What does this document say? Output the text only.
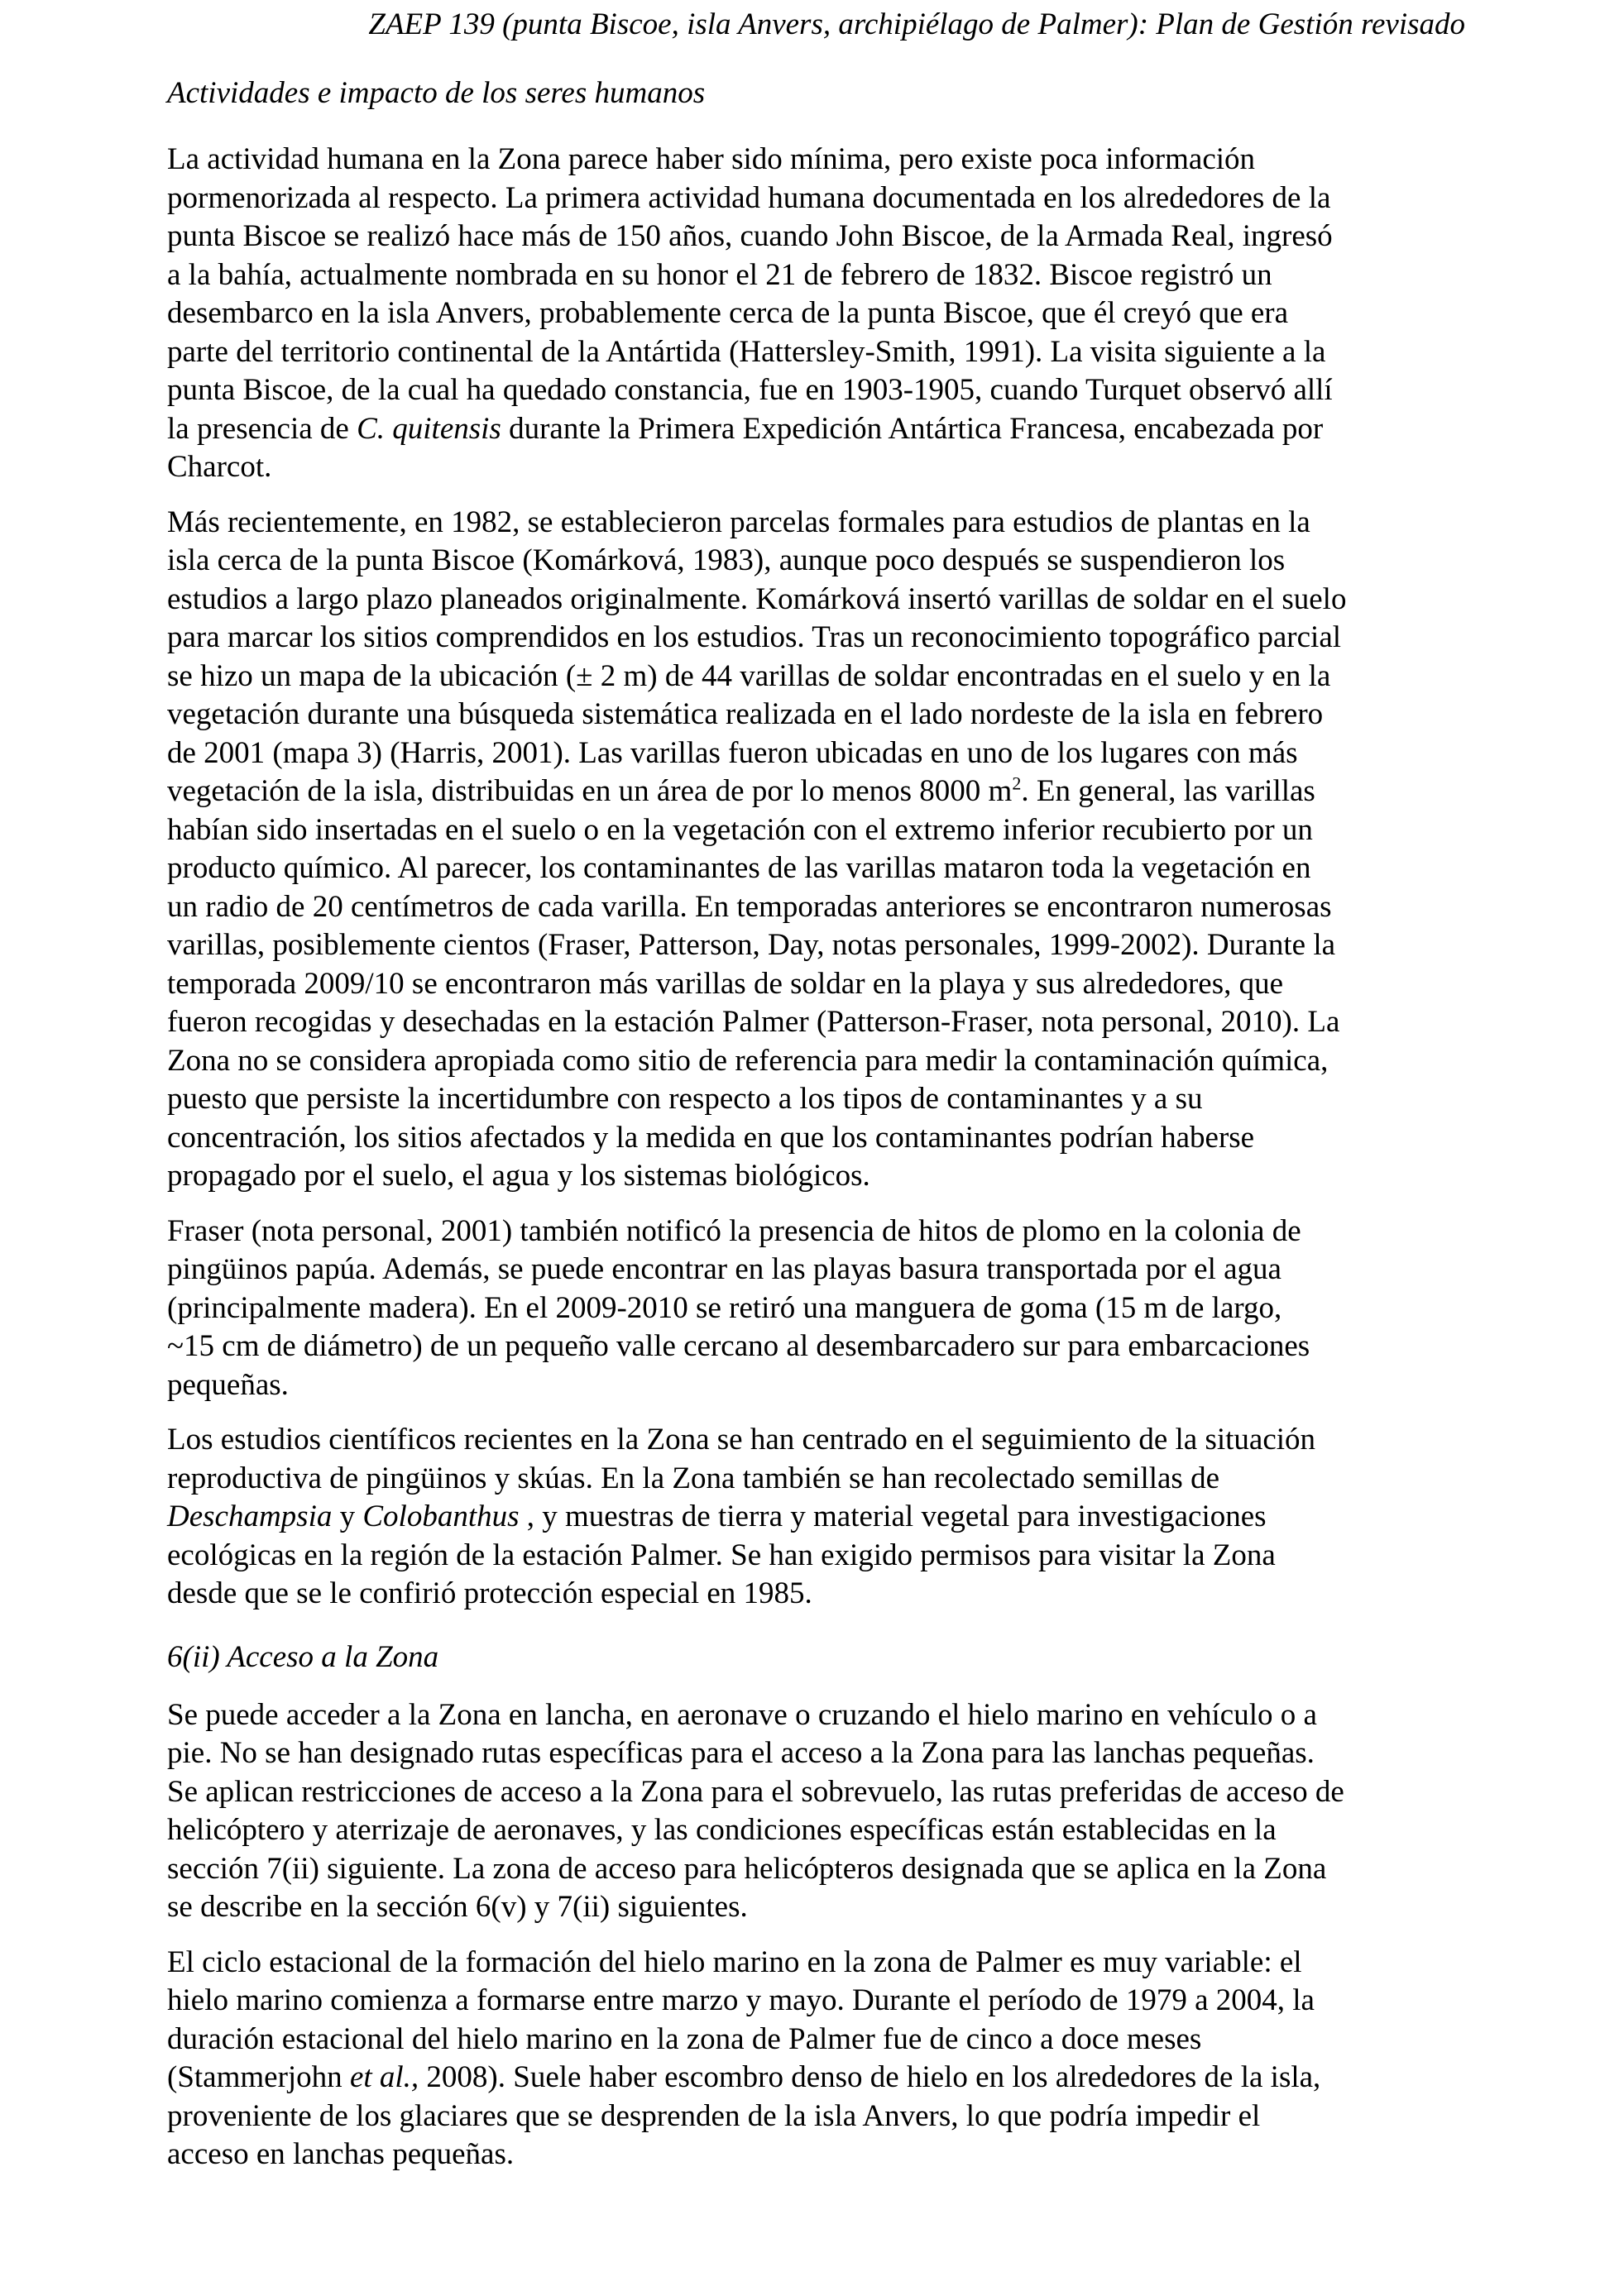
ZAEP 139 (punta Biscoe, isla Anvers, archipiélago de Palmer): Plan de Gestión revisado

Actividades e impacto de los seres humanos

La actividad humana en la Zona parece haber sido mínima, pero existe poca información
pormenorizada al respecto. La primera actividad humana documentada en los alrededores de la
punta Biscoe se realizó hace más de 150 años, cuando John Biscoe, de la Armada Real, ingresó
a la bahía, actualmente nombrada en su honor el 21 de febrero de 1832. Biscoe registró un
desembarco en la isla Anvers, probablemente cerca de la punta Biscoe, que él creyó que era
parte del territorio continental de la Antártida (Hattersley-Smith, 1991). La visita siguiente a la
punta Biscoe, de la cual ha quedado constancia, fue en 1903-1905, cuando Turquet observó allí
la presencia de C. quitensis durante la Primera Expedición Antártica Francesa, encabezada por
Charcot.

Más recientemente, en 1982, se establecieron parcelas formales para estudios de plantas en la
isla cerca de la punta Biscoe (Komárková, 1983), aunque poco después se suspendieron los
estudios a largo plazo planeados originalmente. Komárková insertó varillas de soldar en el suelo
para marcar los sitios comprendidos en los estudios. Tras un reconocimiento topográfico parcial
se hizo un mapa de la ubicación (± 2 m) de 44 varillas de soldar encontradas en el suelo y en la
vegetación durante una búsqueda sistemática realizada en el lado nordeste de la isla en febrero
de 2001 (mapa 3) (Harris, 2001). Las varillas fueron ubicadas en uno de los lugares con más
vegetación de la isla, distribuidas en un área de por lo menos 8000 $m^2$. En general, las varillas
habían sido insertadas en el suelo o en la vegetación con el extremo inferior recubierto por un
producto químico. Al parecer, los contaminantes de las varillas mataron toda la vegetación en
un radio de 20 centímetros de cada varilla. En temporadas anteriores se encontraron numerosas
varillas, posiblemente cientos (Fraser, Patterson, Day, notas personales, 1999-2002). Durante la
temporada 2009/10 se encontraron más varillas de soldar en la playa y sus alrededores, que
fueron recogidas y desechadas en la estación Palmer (Patterson-Fraser, nota personal, 2010). La
Zona no se considera apropiada como sitio de referencia para medir la contaminación química,
puesto que persiste la incertidumbre con respecto a los tipos de contaminantes y a su
concentración, los sitios afectados y la medida en que los contaminantes podrían haberse
propagado por el suelo, el agua y los sistemas biológicos.

Fraser (nota personal, 2001) también notificó la presencia de hitos de plomo en la colonia de
pingüinos papúa. Además, se puede encontrar en las playas basura transportada por el agua
(principalmente madera). En el 2009-2010 se retiró una manguera de goma (15 m de largo,
~15 cm de diámetro) de un pequeño valle cercano al desembarcadero sur para embarcaciones
pequeñas.

Los estudios científicos recientes en la Zona se han centrado en el seguimiento de la situación
reproductiva de pingüinos y skúas. En la Zona también se han recolectado semillas de
Deschampsia y Colobanthus , y muestras de tierra y material vegetal para investigaciones
ecológicas en la región de la estación Palmer. Se han exigido permisos para visitar la Zona
desde que se le confirió protección especial en 1985.

6(ii) Acceso a la Zona

Se puede acceder a la Zona en lancha, en aeronave o cruzando el hielo marino en vehículo o a
pie. No se han designado rutas específicas para el acceso a la Zona para las lanchas pequeñas.
Se aplican restricciones de acceso a la Zona para el sobrevuelo, las rutas preferidas de acceso de
helicóptero y aterrizaje de aeronaves, y las condiciones específicas están establecidas en la
sección 7(ii) siguiente. La zona de acceso para helicópteros designada que se aplica en la Zona
se describe en la sección 6(v) y 7(ii) siguientes.

El ciclo estacional de la formación del hielo marino en la zona de Palmer es muy variable: el
hielo marino comienza a formarse entre marzo y mayo. Durante el período de 1979 a 2004, la
duración estacional del hielo marino en la zona de Palmer fue de cinco a doce meses
(Stammerjohn et al., 2008). Suele haber escombro denso de hielo en los alrededores de la isla,
proveniente de los glaciares que se desprenden de la isla Anvers, lo que podría impedir el
acceso en lanchas pequeñas.
